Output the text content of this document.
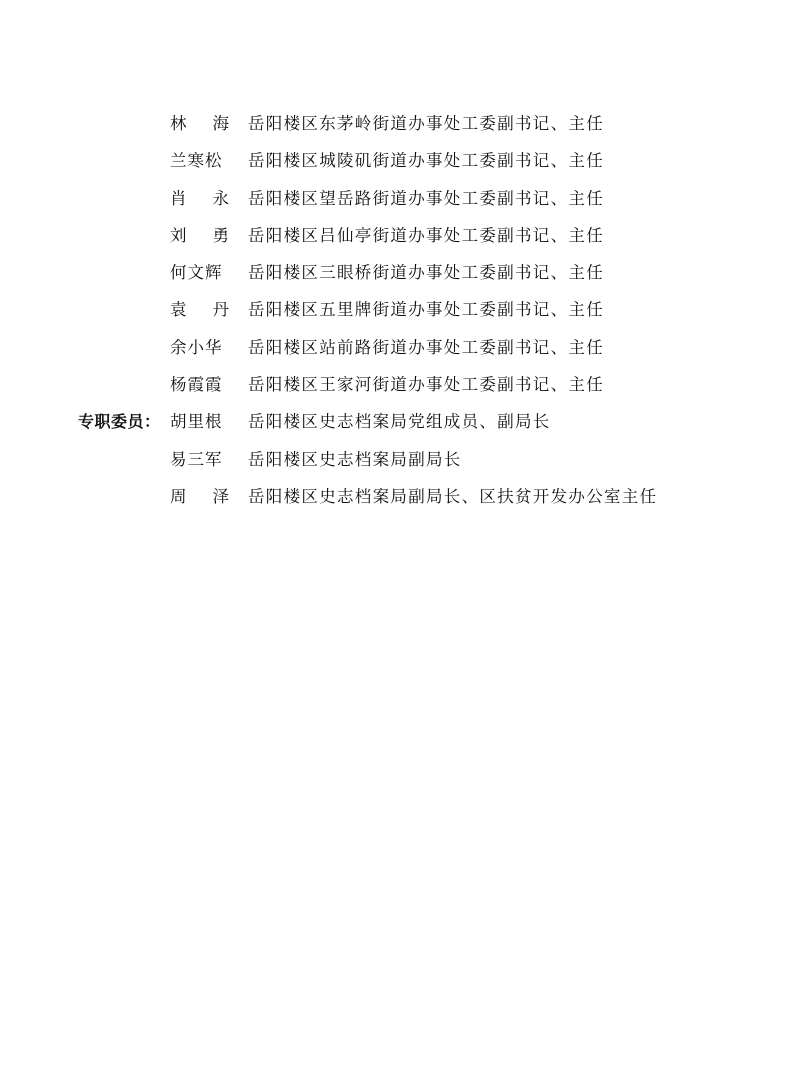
林 海 岳阳楼区东茅岭街道办事处工委副书记、主任
兰寒松 岳阳楼区城陵矶街道办事处工委副书记、主任
肖 永 岳阳楼区望岳路街道办事处工委副书记、主任
刘 勇 岳阳楼区吕仙亭街道办事处工委副书记、主任
何文辉 岳阳楼区三眼桥街道办事处工委副书记、主任
袁 丹 岳阳楼区五里牌街道办事处工委副书记、主任
余小华 岳阳楼区站前路街道办事处工委副书记、主任
杨霞霞 岳阳楼区王家河街道办事处工委副书记、主任
专职委员： 胡里根 岳阳楼区史志档案局党组成员、副局长
易三军 岳阳楼区史志档案局副局长
周 泽 岳阳楼区史志档案局副局长、区扶贫开发办公室主任
